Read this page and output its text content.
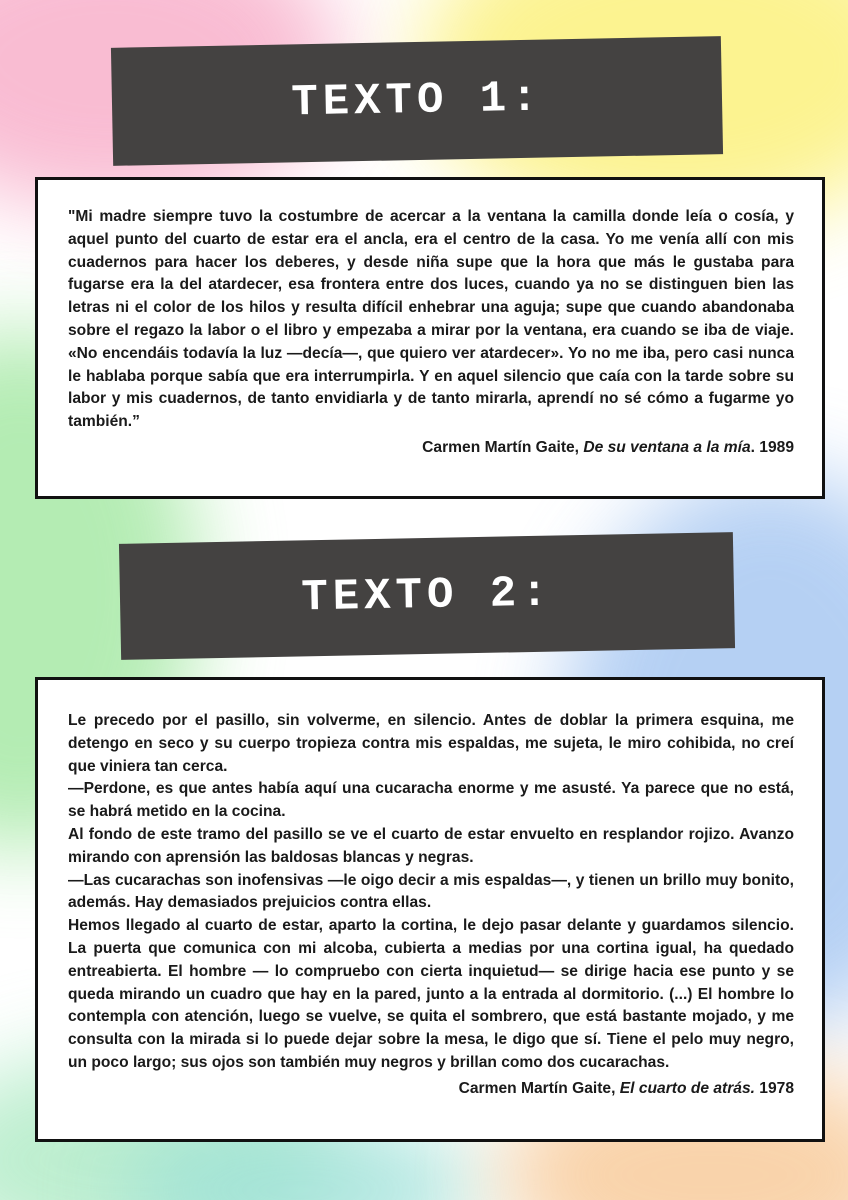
TEXTO 1:

"Mi madre siempre tuvo la costumbre de acercar a la ventana la camilla donde leía o cosía, y aquel punto del cuarto de estar era el ancla, era el centro de la casa. Yo me venía allí con mis cuadernos para hacer los deberes, y desde niña supe que la hora que más le gustaba para fugarse era la del atardecer, esa frontera entre dos luces, cuando ya no se distinguen bien las letras ni el color de los hilos y resulta difícil enhebrar una aguja; supe que cuando abandonaba sobre el regazo la labor o el libro y empezaba a mirar por la ventana, era cuando se iba de viaje. «No encendáis todavía la luz —decía—, que quiero ver atardecer». Yo no me iba, pero casi nunca le hablaba porque sabía que era interrumpirla. Y en aquel silencio que caía con la tarde sobre su labor y mis cuadernos, de tanto envidiarla y de tanto mirarla, aprendí no sé cómo a fugarme yo también.”

Carmen Martín Gaite, De su ventana a la mía. 1989

TEXTO 2:

Le precedo por el pasillo, sin volverme, en silencio. Antes de doblar la primera esquina, me detengo en seco y su cuerpo tropieza contra mis espaldas, me sujeta, le miro cohibida, no creí que viniera tan cerca.

—Perdone, es que antes había aquí una cucaracha enorme y me asusté. Ya parece que no está, se habrá metido en la cocina.

Al fondo de este tramo del pasillo se ve el cuarto de estar envuelto en resplandor rojizo. Avanzo mirando con aprensión las baldosas blancas y negras.

—Las cucarachas son inofensivas —le oigo decir a mis espaldas—, y tienen un brillo muy bonito, además. Hay demasiados prejuicios contra ellas.

Hemos llegado al cuarto de estar, aparto la cortina, le dejo pasar delante y guardamos silencio. La puerta que comunica con mi alcoba, cubierta a medias por una cortina igual, ha quedado entreabierta. El hombre — lo compruebo con cierta inquietud— se dirige hacia ese punto y se queda mirando un cuadro que hay en la pared, junto a la entrada al dormitorio. (...) El hombre lo contempla con atención, luego se vuelve, se quita el sombrero, que está bastante mojado, y me consulta con la mirada si lo puede dejar sobre la mesa, le digo que sí. Tiene el pelo muy negro, un poco largo; sus ojos son también muy negros y brillan como dos cucarachas.

Carmen Martín Gaite, El cuarto de atrás. 1978
